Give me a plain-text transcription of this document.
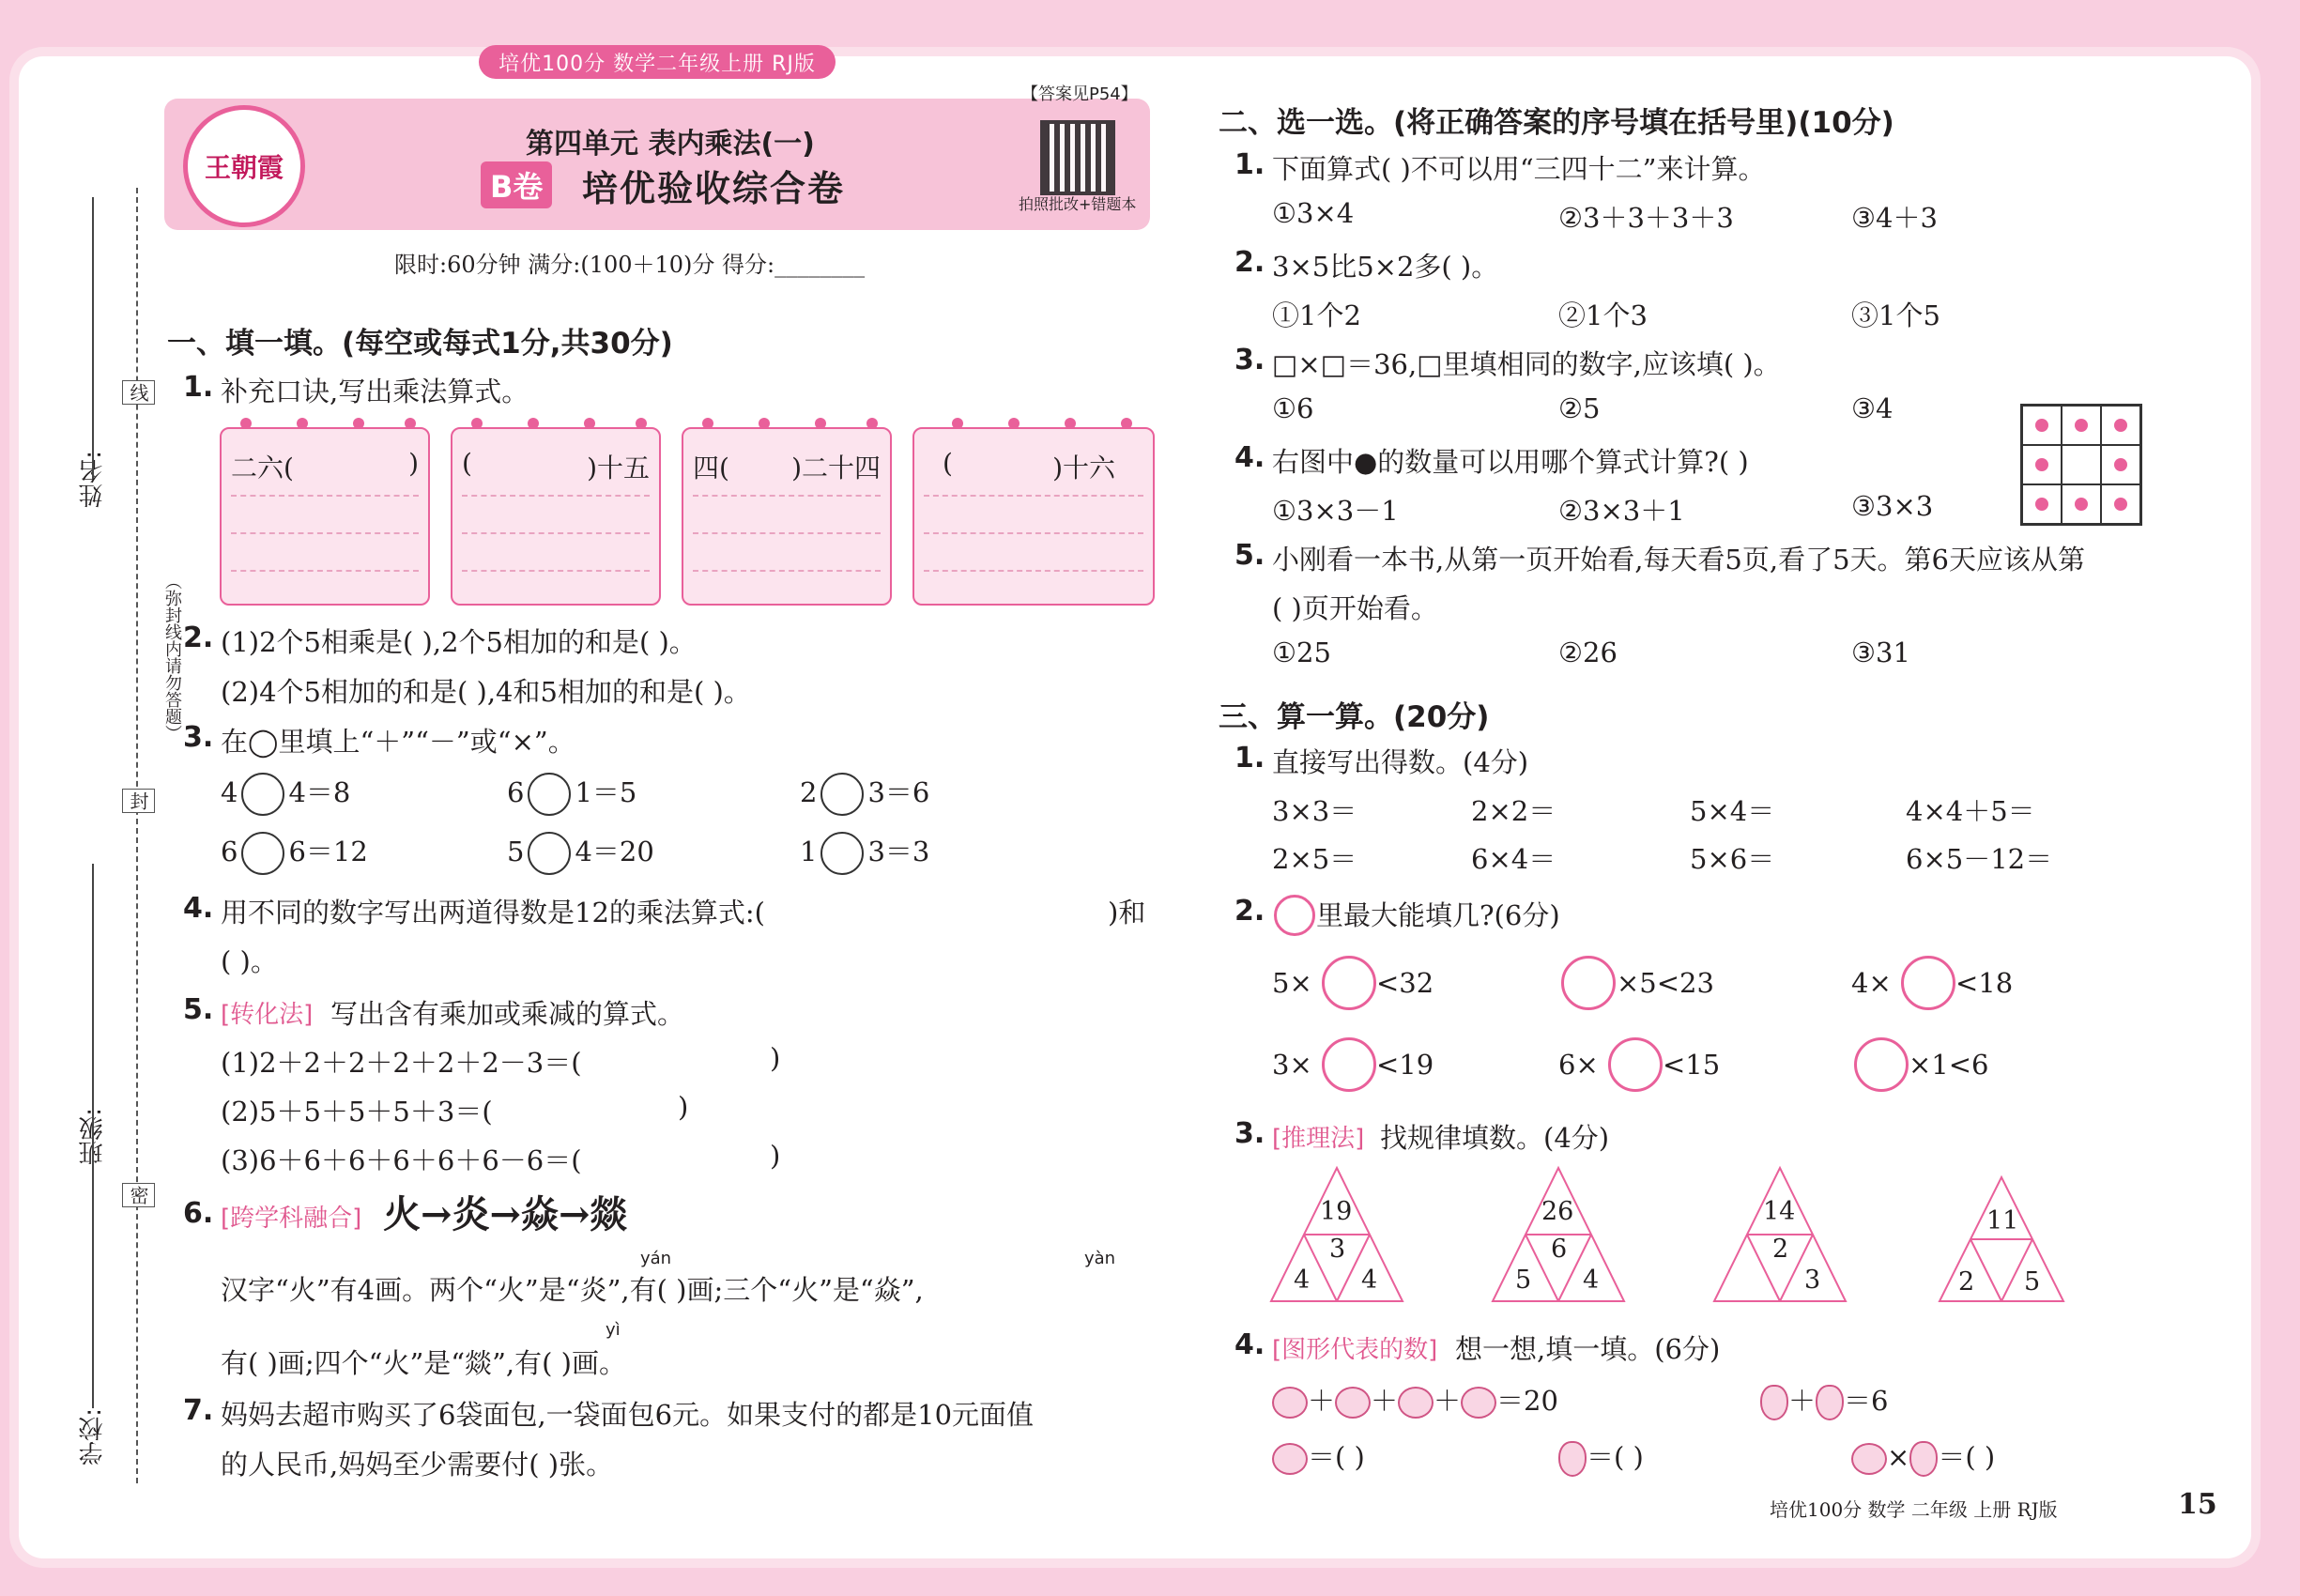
培优100分 数学二年级上册 RJ版
姓名:
线
（弥封线内请勿答题）
封
班级:
密
学校:
王朝霞
【答案见P54】
第四单元 表内乘法(一)
B卷 培优验收综合卷	拍照批改+错题本
限时:60分钟 满分:(100＋10)分 得分:________
一、填一填。(每空或每式1分,共30分)
1. 补充口诀,写出乘法算式。
二六(	) (	)十五 四( )二十四 (	)十六
2. (1)2个5相乘是( ),2个5相加的和是( )。
(2)4个5相加的和是( ),4和5相加的和是( )。
3. 在◯里填上“＋”“－”或“×”。
4 4＝8	6 1＝5	2 3＝6
6 6＝12	5 4＝20	1 3＝3
4. 用不同的数字写出两道得数是12的乘法算式:(	)和
( )。
5. [转化法] 写出含有乘加或乘减的算式。
(1)2＋2＋2＋2＋2＋2－3＝(	)
(2)5＋5＋5＋5＋3＝(	)
(3)6＋6＋6＋6＋6＋6－6＝(	)
6. [跨学科融合] 火→炎→焱→燚
yán	yàn
汉字“火”有4画。两个“火”是“炎”,有( )画;三个“火”是“焱”,
yì
有( )画;四个“火”是“燚”,有( )画。
7. 妈妈去超市购买了6袋面包,一袋面包6元。如果支付的都是10元面值
的人民币,妈妈至少需要付( )张。
二、选一选。(将正确答案的序号填在括号里)(10分)
1. 下面算式( )不可以用“三四十二”来计算。
①3×4	②3＋3＋3＋3	③4＋3
2. 3×5比5×2多( )。
①1个2	②1个3	③1个5
3. □×□＝36,□里填相同的数字,应该填( )。
①6	②5	③4
4. 右图中●的数量可以用哪个算式计算?( )
①3×3－1	②3×3＋1	③3×3
5. 小刚看一本书,从第一页开始看,每天看5页,看了5天。第6天应该从第
( )页开始看。
①25	②26	③31
三、算一算。(20分)
1. 直接写出得数。(4分)
3×3＝	2×2＝	5×4＝	4×4＋5＝
2×5＝	6×4＝	5×6＝	6×5－12＝
2. 里最大能填几?(6分)
5× <32	×5<23	4× <18
3× <19	6× <15	×1<6
3. [推理法] 找规律填数。(4分)
19
3
4 4
26
6
5 4
14
2
3
11
2 5
4. [图形代表的数] 想一想,填一填。(6分)
＋ ＋ ＋ ＝20	＋ ＝6
＝( )	＝( )	× ＝( )
培优100分 数学 二年级 上册 RJ版	15
